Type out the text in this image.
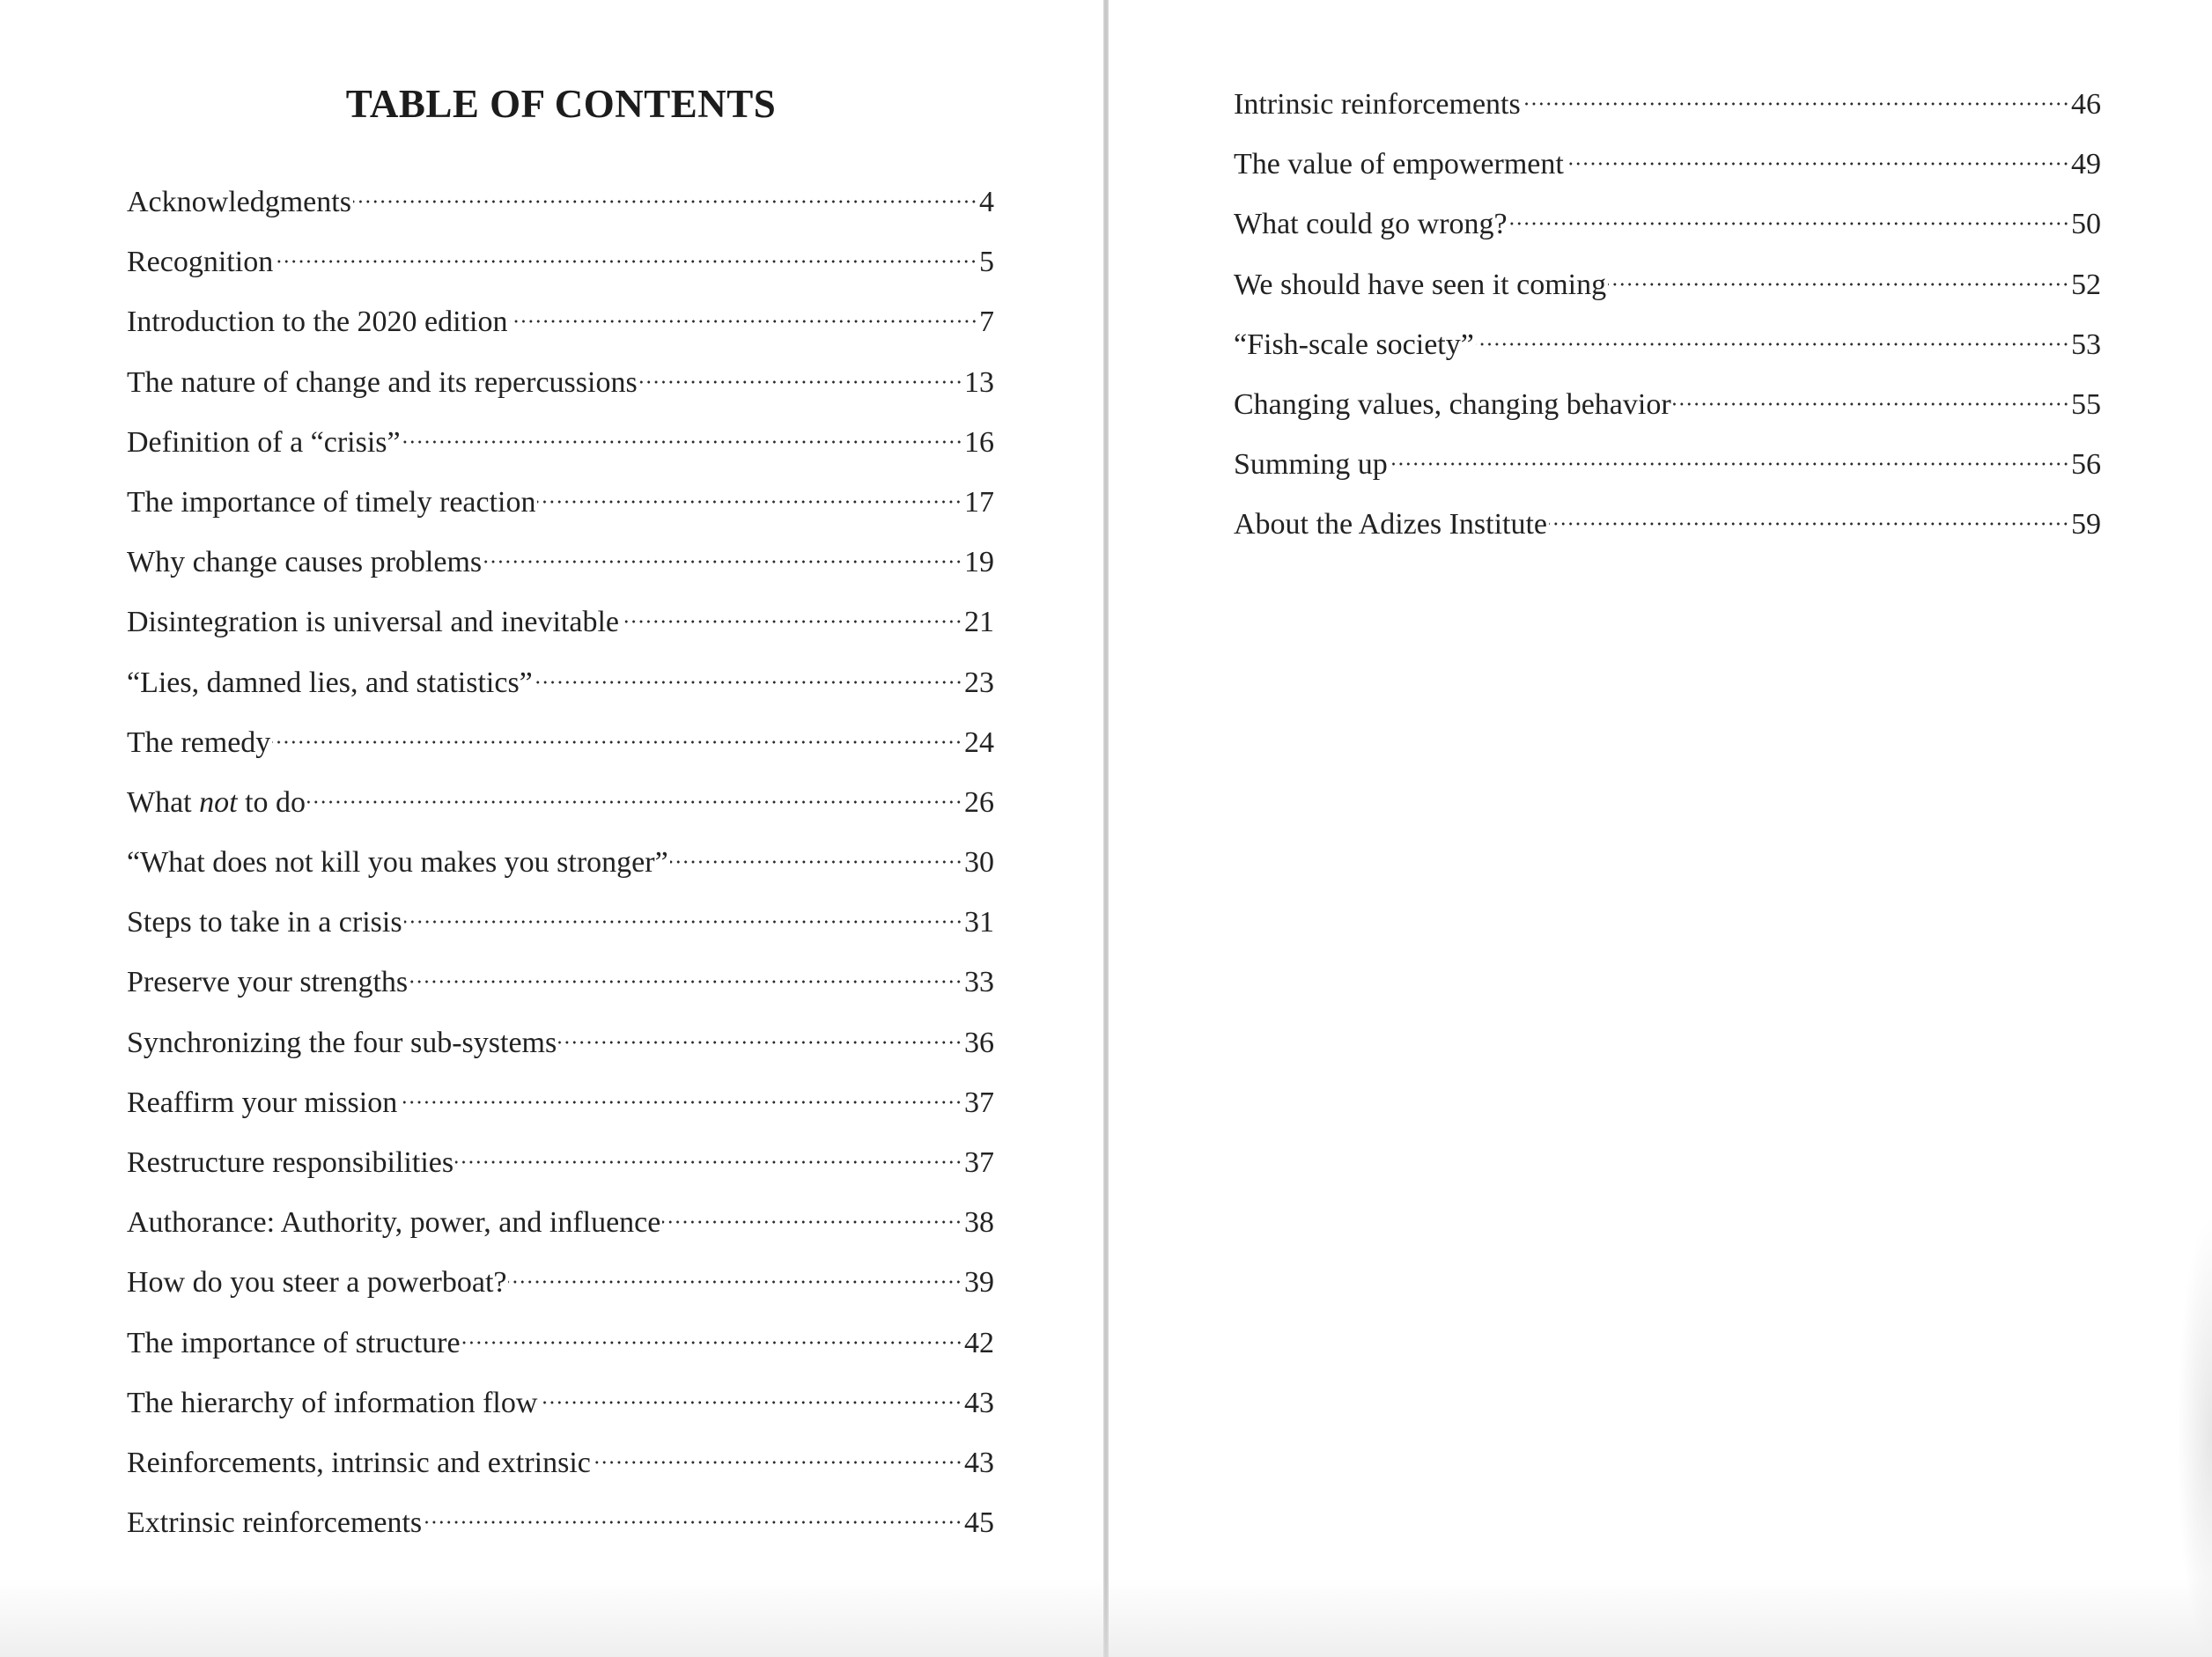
TABLE OF CONTENTS
Acknowledgments	4
Recognition	5
Introduction to the 2020 edition	7
The nature of change and its repercussions	13
Definition of a “crisis”	16
The importance of timely reaction	17
Why change causes problems	19
Disintegration is universal and inevitable	21
“Lies, damned lies, and statistics”	23
The remedy	24
What not to do	26
“What does not kill you makes you stronger”	30
Steps to take in a crisis	31
Preserve your strengths	33
Synchronizing the four sub-systems	36
Reaffirm your mission	37
Restructure responsibilities	37
Authorance: Authority, power, and influence	38
How do you steer a powerboat?	39
The importance of structure	42
The hierarchy of information flow	43
Reinforcements, intrinsic and extrinsic	43
Extrinsic reinforcements	45
Intrinsic reinforcements	46
The value of empowerment	49
What could go wrong?	50
We should have seen it coming	52
“Fish-scale society”	53
Changing values, changing behavior	55
Summing up	56
About the Adizes Institute	59
